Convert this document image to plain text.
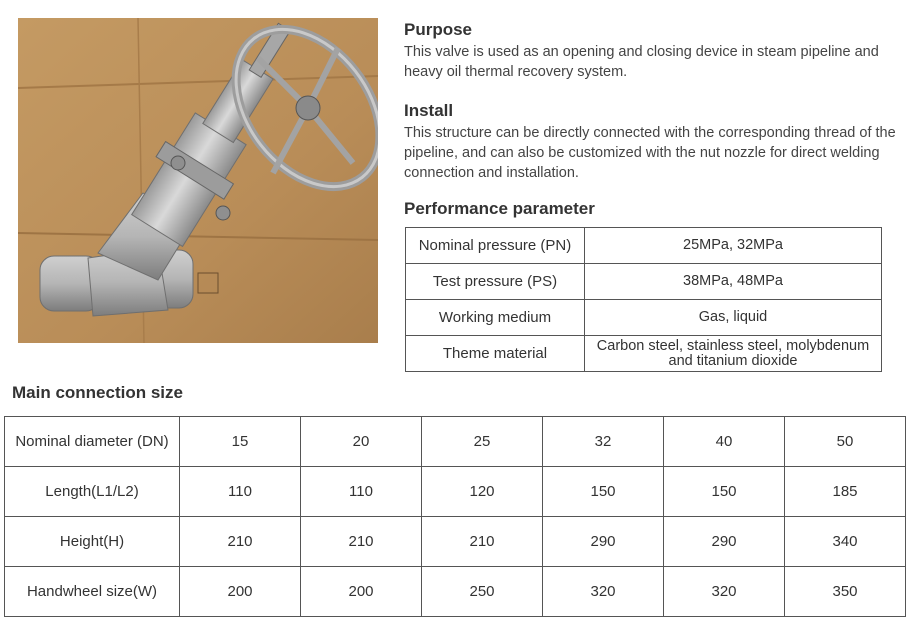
Purpose

This valve is used as an opening and closing device in steam pipeline and heavy oil thermal recovery system.

Install

This structure can be directly connected with the corresponding thread of the pipeline, and can also be customized with the nut nozzle for direct welding connection and installation.

Performance parameter
Nominal pressure (PN)	25MPa, 32MPa
Test pressure (PS)	38MPa, 48MPa
Working medium	Gas, liquid
Theme material	Carbon steel, stainless steel, molybdenum and titanium dioxide
Main connection size
Nominal diameter (DN)	15	20	25	32	40	50
Length(L1/L2)	110	110	120	150	150	185
Height(H)	210	210	210	290	290	340
Handwheel size(W)	200	200	250	320	320	350
